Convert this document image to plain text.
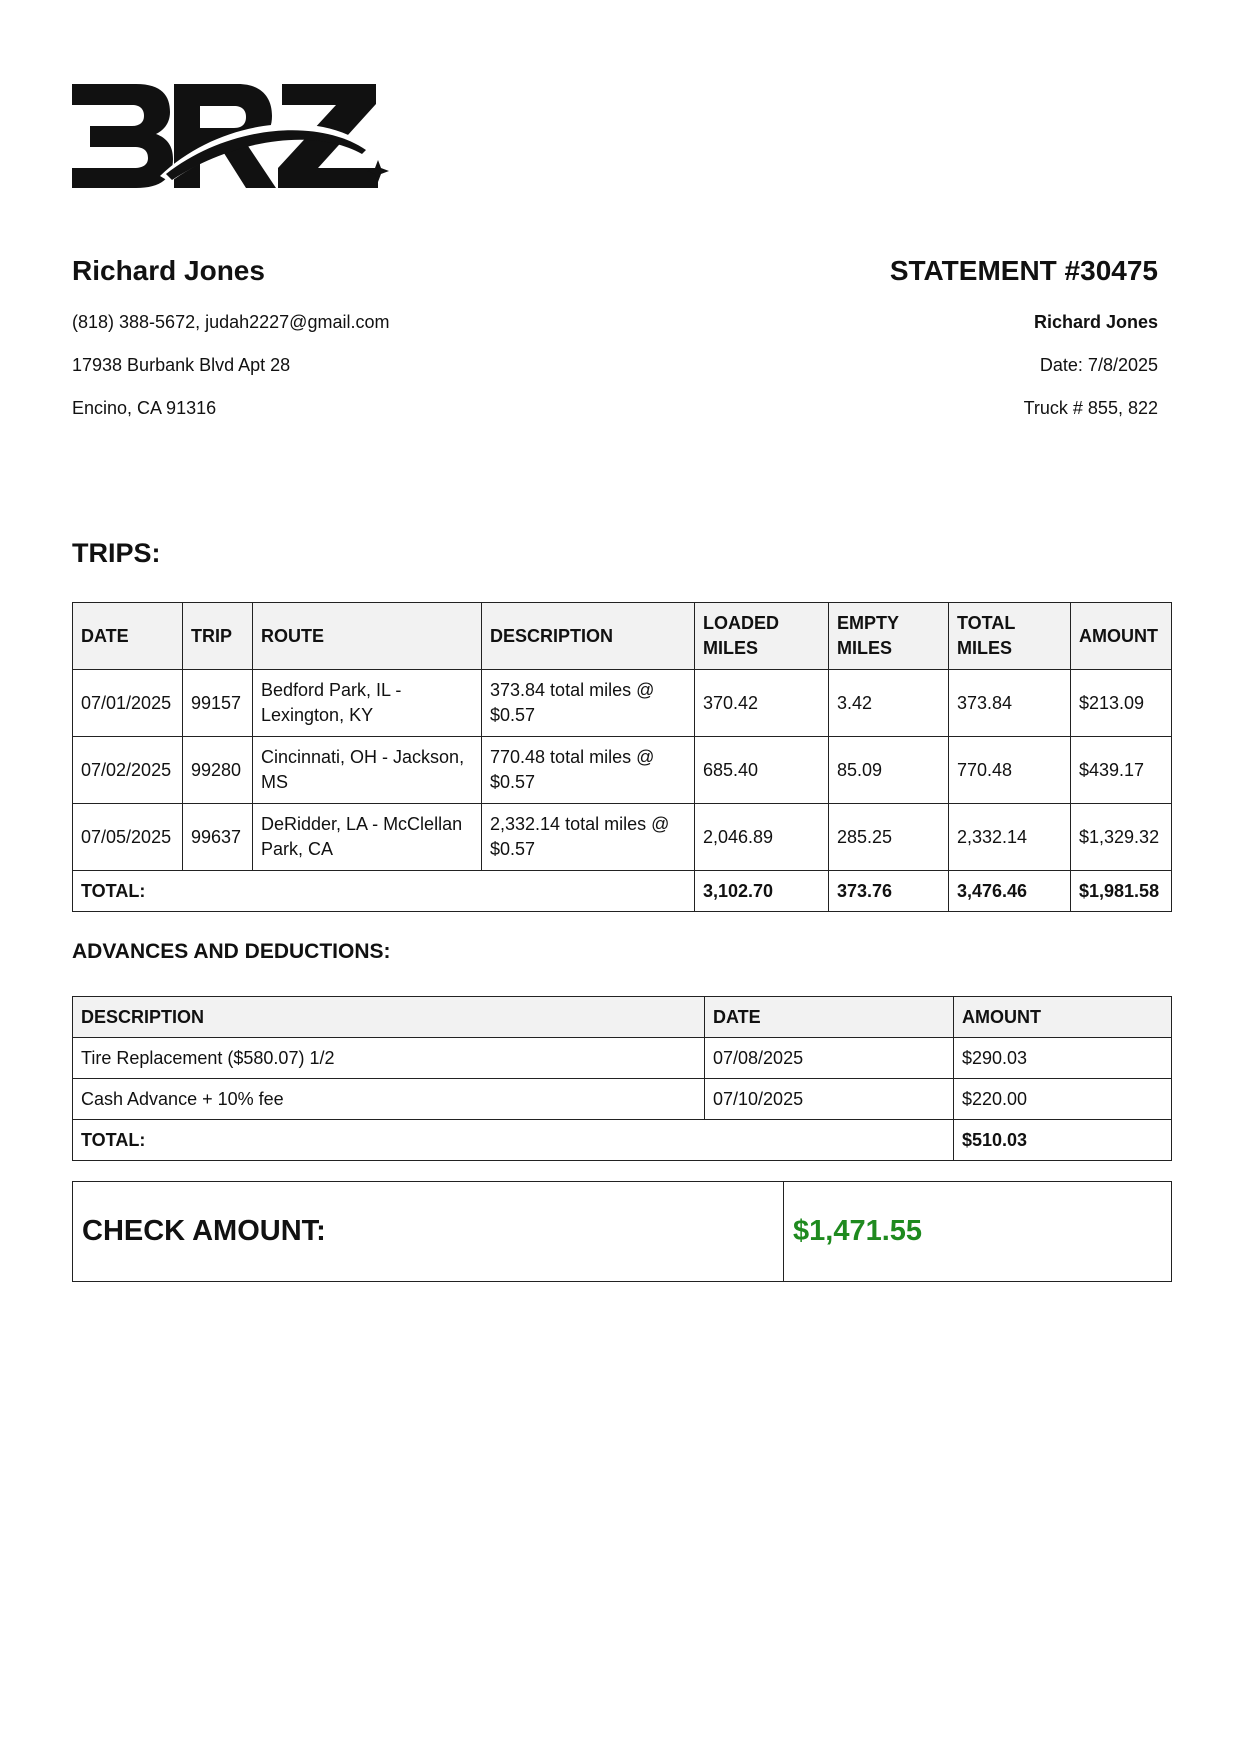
Richard Jones
(818) 388-5672, judah2227@gmail.com
17938 Burbank Blvd Apt 28
Encino, CA 91316
STATEMENT #30475
Richard Jones
Date: 7/8/2025
Truck # 855, 822
TRIPS:
DATE	TRIP	ROUTE	DESCRIPTION	LOADED MILES	EMPTY MILES	TOTAL MILES	AMOUNT
07/01/2025	99157	Bedford Park, IL - Lexington, KY	373.84 total miles @ $0.57	370.42	3.42	373.84	$213.09
07/02/2025	99280	Cincinnati, OH - Jackson, MS	770.48 total miles @ $0.57	685.40	85.09	770.48	$439.17
07/05/2025	99637	DeRidder, LA - McClellan Park, CA	2,332.14 total miles @ $0.57	2,046.89	285.25	2,332.14	$1,329.32
TOTAL:				3,102.70	373.76	3,476.46	$1,981.58
ADVANCES AND DEDUCTIONS:
DESCRIPTION	DATE	AMOUNT
Tire Replacement ($580.07) 1/2	07/08/2025	$290.03
Cash Advance + 10% fee	07/10/2025	$220.00
TOTAL:		$510.03
CHECK AMOUNT:	$1,471.55
